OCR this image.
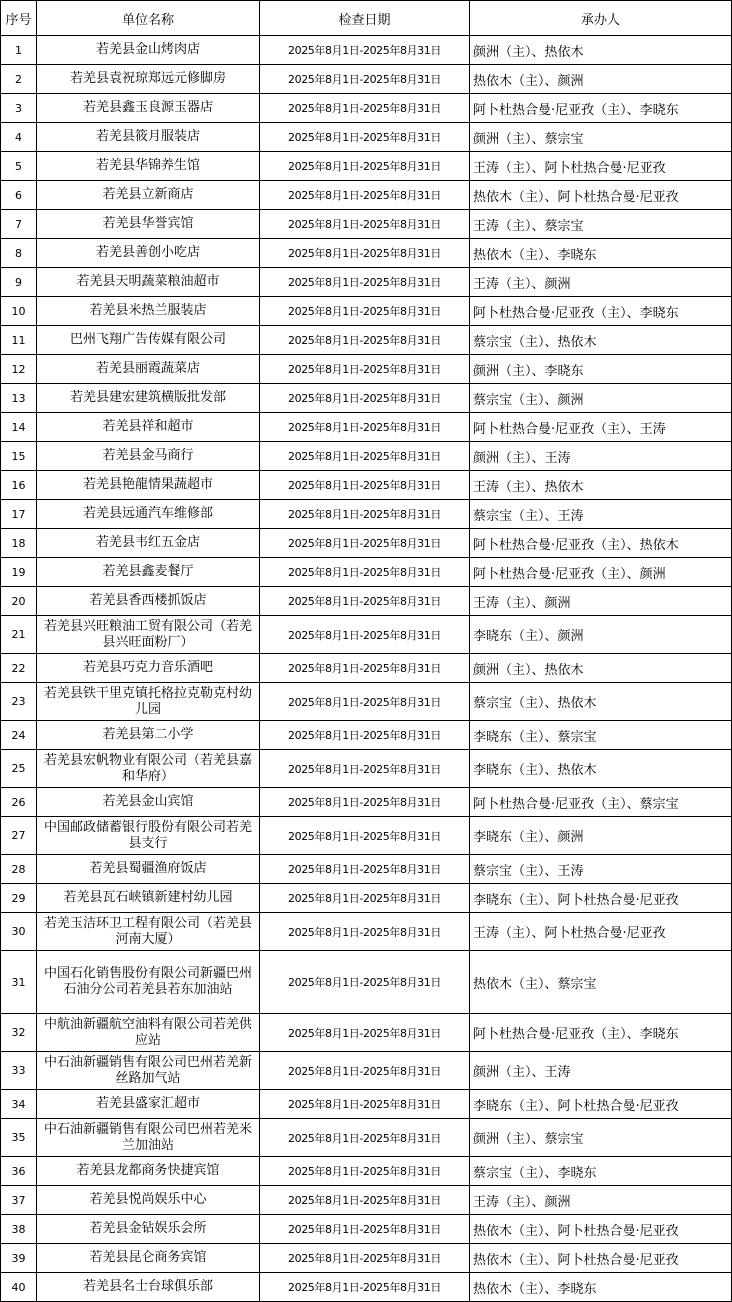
序号	单位名称	检查日期	承办人
1	若羌县金山烤肉店	2025年8月1日-2025年8月31日	颜洲（主）、热依木
2	若羌县袁祝琼郑远元修脚房	2025年8月1日-2025年8月31日	热依木（主）、颜洲
3	若羌县鑫玉良源玉器店	2025年8月1日-2025年8月31日	阿卜杜热合曼·尼亚孜（主）、李晓东
4	若羌县筱月服装店	2025年8月1日-2025年8月31日	颜洲（主）、蔡宗宝
5	若羌县华锦养生馆	2025年8月1日-2025年8月31日	王涛（主）、阿卜杜热合曼·尼亚孜
6	若羌县立新商店	2025年8月1日-2025年8月31日	热依木（主）、阿卜杜热合曼·尼亚孜
7	若羌县华誉宾馆	2025年8月1日-2025年8月31日	王涛（主）、蔡宗宝
8	若羌县善创小吃店	2025年8月1日-2025年8月31日	热依木（主）、李晓东
9	若羌县天明蔬菜粮油超市	2025年8月1日-2025年8月31日	王涛（主）、颜洲
10	若羌县米热兰服装店	2025年8月1日-2025年8月31日	阿卜杜热合曼·尼亚孜（主）、李晓东
11	巴州飞翔广告传媒有限公司	2025年8月1日-2025年8月31日	蔡宗宝（主）、热依木
12	若羌县丽霞蔬菜店	2025年8月1日-2025年8月31日	颜洲（主）、李晓东
13	若羌县建宏建筑横版批发部	2025年8月1日-2025年8月31日	蔡宗宝（主）、颜洲
14	若羌县祥和超市	2025年8月1日-2025年8月31日	阿卜杜热合曼·尼亚孜（主）、王涛
15	若羌县金马商行	2025年8月1日-2025年8月31日	颜洲（主）、王涛
16	若羌县艳龍情果蔬超市	2025年8月1日-2025年8月31日	王涛（主）、热依木
17	若羌县远通汽车维修部	2025年8月1日-2025年8月31日	蔡宗宝（主）、王涛
18	若羌县韦红五金店	2025年8月1日-2025年8月31日	阿卜杜热合曼·尼亚孜（主）、热依木
19	若羌县鑫麦餐厅	2025年8月1日-2025年8月31日	阿卜杜热合曼·尼亚孜（主）、颜洲
20	若羌县香西楼抓饭店	2025年8月1日-2025年8月31日	王涛（主）、颜洲
21	若羌县兴旺粮油工贸有限公司（若羌县兴旺面粉厂）	2025年8月1日-2025年8月31日	李晓东（主）、颜洲
22	若羌县巧克力音乐酒吧	2025年8月1日-2025年8月31日	颜洲（主）、热依木
23	若羌县铁干里克镇托格拉克勒克村幼儿园	2025年8月1日-2025年8月31日	蔡宗宝（主）、热依木
24	若羌县第二小学	2025年8月1日-2025年8月31日	李晓东（主）、蔡宗宝
25	若羌县宏帆物业有限公司（若羌县嘉和华府）	2025年8月1日-2025年8月31日	李晓东（主）、热依木
26	若羌县金山宾馆	2025年8月1日-2025年8月31日	阿卜杜热合曼·尼亚孜（主）、蔡宗宝
27	中国邮政储蓄银行股份有限公司若羌县支行	2025年8月1日-2025年8月31日	李晓东（主）、颜洲
28	若羌县蜀疆渔府饭店	2025年8月1日-2025年8月31日	蔡宗宝（主）、王涛
29	若羌县瓦石峡镇新建村幼儿园	2025年8月1日-2025年8月31日	李晓东（主）、阿卜杜热合曼·尼亚孜
30	若羌玉洁环卫工程有限公司（若羌县河南大厦）	2025年8月1日-2025年8月31日	王涛（主）、阿卜杜热合曼·尼亚孜
31	中国石化销售股份有限公司新疆巴州石油分公司若羌县若东加油站	2025年8月1日-2025年8月31日	热依木（主）、蔡宗宝
32	中航油新疆航空油料有限公司若羌供应站	2025年8月1日-2025年8月31日	阿卜杜热合曼·尼亚孜（主）、李晓东
33	中石油新疆销售有限公司巴州若羌新丝路加气站	2025年8月1日-2025年8月31日	颜洲（主）、王涛
34	若羌县盛家汇超市	2025年8月1日-2025年8月31日	李晓东（主）、阿卜杜热合曼·尼亚孜
35	中石油新疆销售有限公司巴州若羌米兰加油站	2025年8月1日-2025年8月31日	颜洲（主）、蔡宗宝
36	若羌县龙都商务快捷宾馆	2025年8月1日-2025年8月31日	蔡宗宝（主）、李晓东
37	若羌县悦尚娱乐中心	2025年8月1日-2025年8月31日	王涛（主）、颜洲
38	若羌县金钻娱乐会所	2025年8月1日-2025年8月31日	热依木（主）、阿卜杜热合曼·尼亚孜
39	若羌县昆仑商务宾馆	2025年8月1日-2025年8月31日	热依木（主）、阿卜杜热合曼·尼亚孜
40	若羌县名士台球俱乐部	2025年8月1日-2025年8月31日	热依木（主）、李晓东
